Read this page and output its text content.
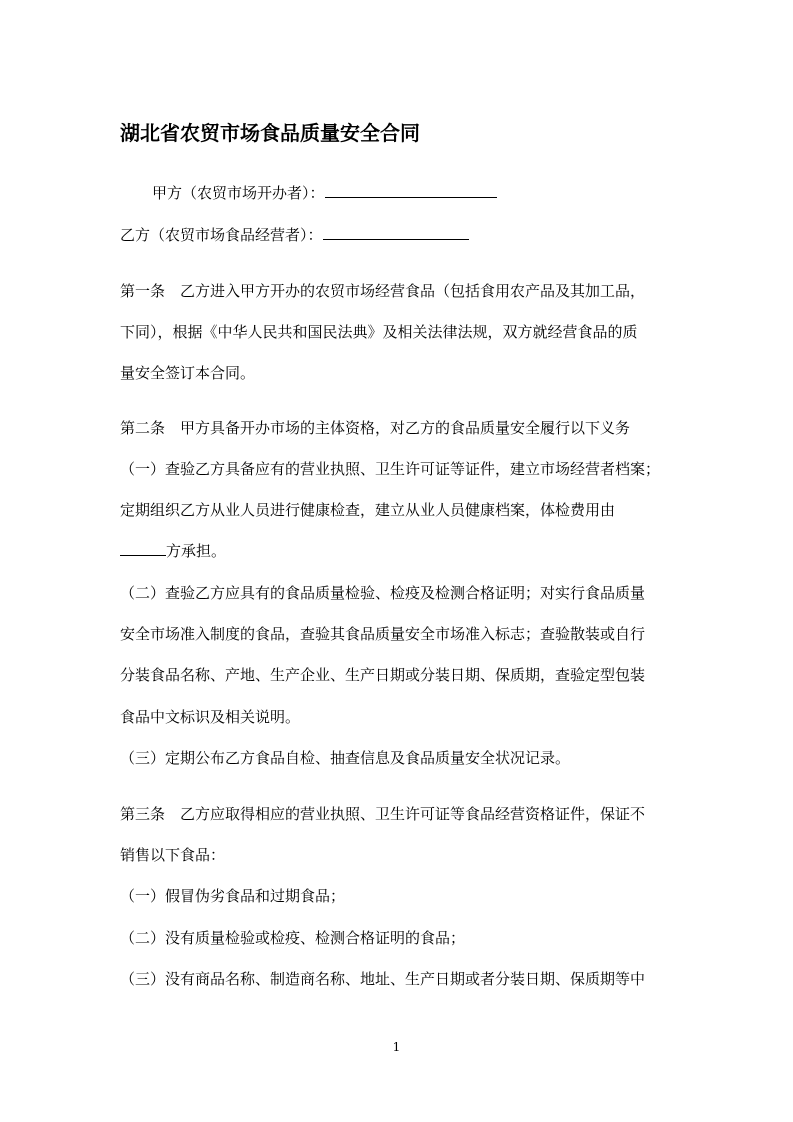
湖北省农贸市场食品质量安全合同
甲方（农贸市场开办者）：
乙方（农贸市场食品经营者）：
第一条　乙方进入甲方开办的农贸市场经营食品（包括食用农产品及其加工品，
下同），根据《中华人民共和国民法典》及相关法律法规，双方就经营食品的质
量安全签订本合同。
第二条　甲方具备开办市场的主体资格，对乙方的食品质量安全履行以下义务
（一）查验乙方具备应有的营业执照、卫生许可证等证件，建立市场经营者档案；
定期组织乙方从业人员进行健康检查，建立从业人员健康档案，体检费用由
方承担。
（二）查验乙方应具有的食品质量检验、检疫及检测合格证明；对实行食品质量
安全市场准入制度的食品，查验其食品质量安全市场准入标志；查验散装或自行
分装食品名称、产地、生产企业、生产日期或分装日期、保质期，查验定型包装
食品中文标识及相关说明。
（三）定期公布乙方食品自检、抽查信息及食品质量安全状况记录。
第三条　乙方应取得相应的营业执照、卫生许可证等食品经营资格证件，保证不
销售以下食品：
（一）假冒伪劣食品和过期食品；
（二）没有质量检验或检疫、检测合格证明的食品；
（三）没有商品名称、制造商名称、地址、生产日期或者分装日期、保质期等中
1
